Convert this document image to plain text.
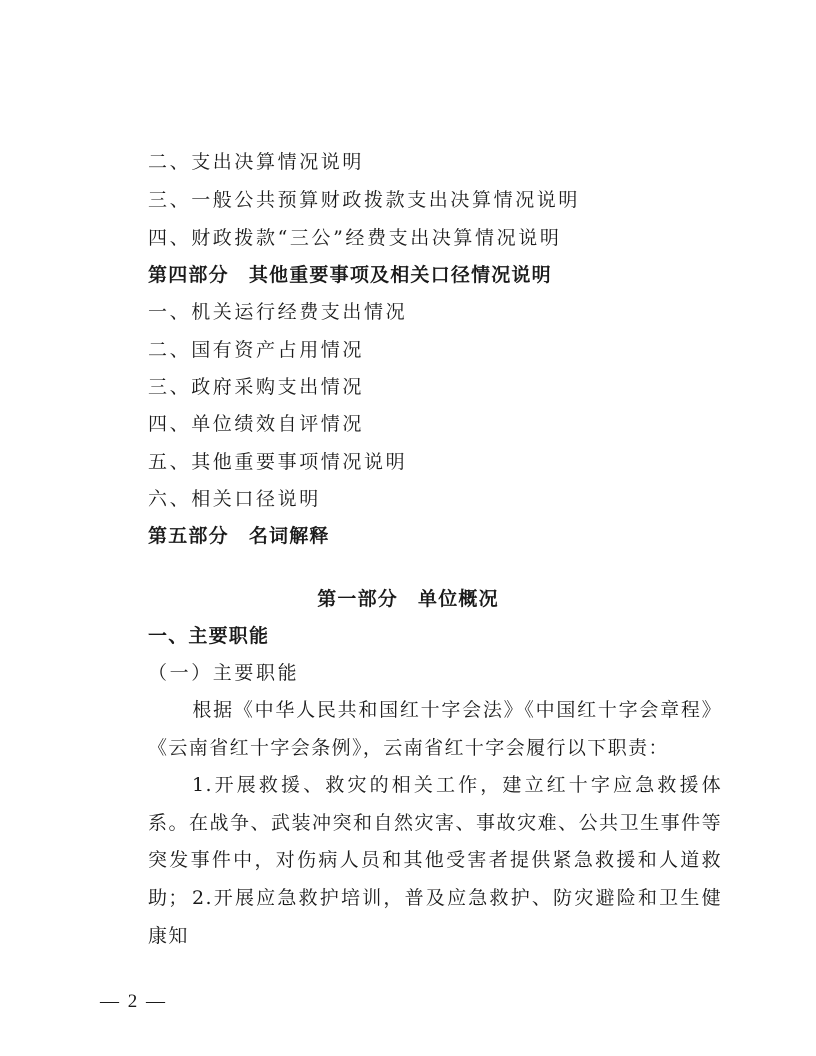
二、支出决算情况说明
三、一般公共预算财政拨款支出决算情况说明
四、财政拨款“三公”经费支出决算情况说明
第四部分 其他重要事项及相关口径情况说明
一、机关运行经费支出情况
二、国有资产占用情况
三、政府采购支出情况
四、单位绩效自评情况
五、其他重要事项情况说明
六、相关口径说明
第五部分 名词解释
第一部分 单位概况
一、主要职能
（一）主要职能
根据《中华人民共和国红十字会法》《中国红十字会章程》《云南省红十字会条例》，云南省红十字会履行以下职责：
1.开展救援、救灾的相关工作，建立红十字应急救援体系。在战争、武装冲突和自然灾害、事故灾难、公共卫生事件等突发事件中，对伤病人员和其他受害者提供紧急救援和人道救助； 2.开展应急救护培训，普及应急救护、防灾避险和卫生健康知
— 2 —
